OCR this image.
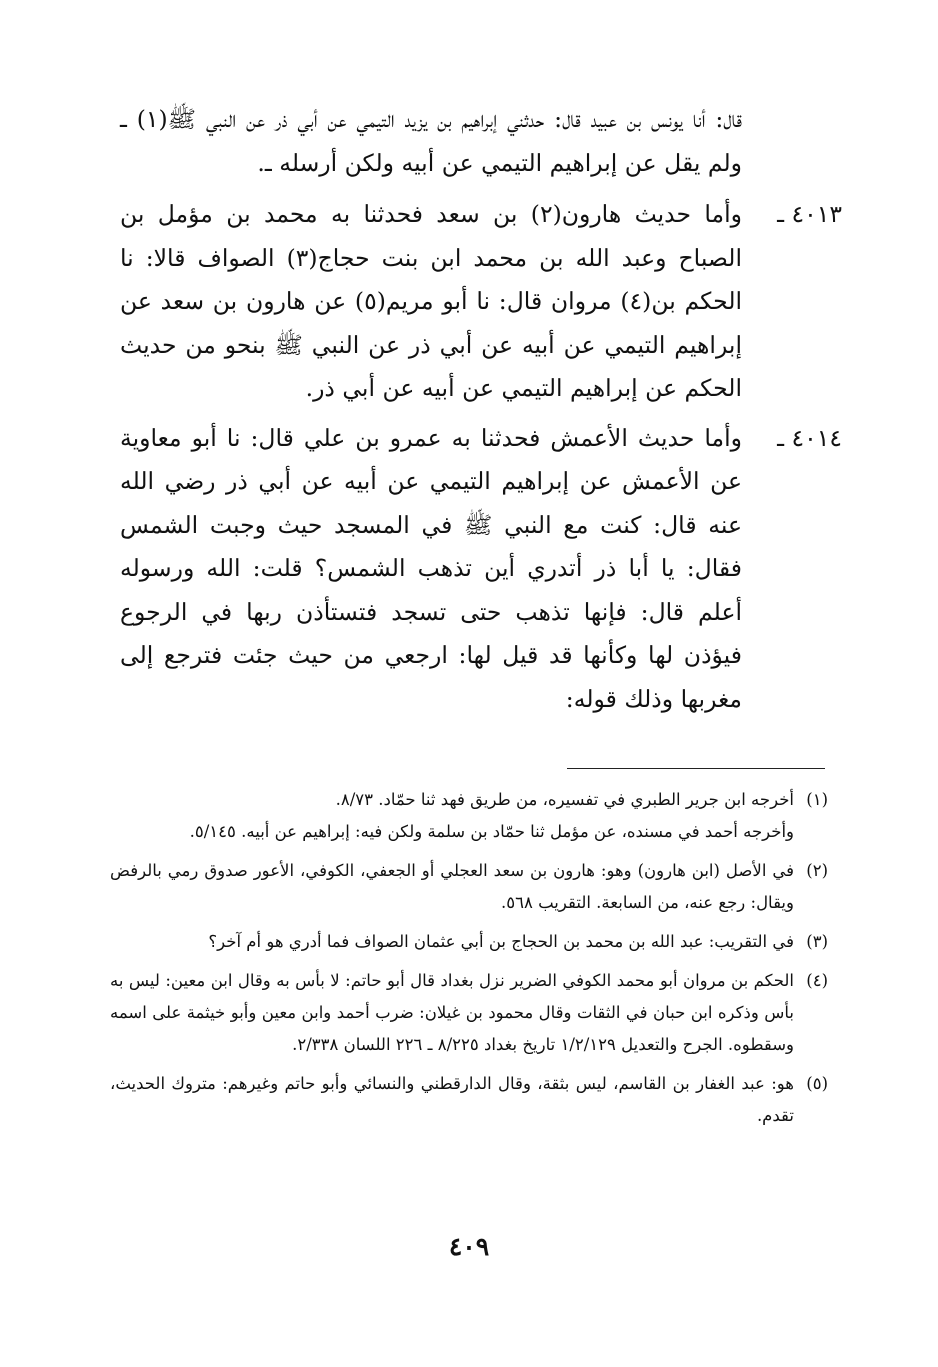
قال: أنا يونس بن عبيد قال: حدثني إبراهيم بن يزيد التيمي عن أبي ذر عن النبي ﷺ(١) ـ ولم يقل عن إبراهيم التيمي عن أبيه ولكن أرسله ـ.

٤٠١٣ ـ

وأما حديث هارون(٢) بن سعد فحدثنا به محمد بن مؤمل بن الصباح وعبد الله بن محمد ابن بنت حجاج(٣) الصواف قالا: نا الحكم بن(٤) مروان قال: نا أبو مريم(٥) عن هارون بن سعد عن إبراهيم التيمي عن أبيه عن أبي ذر عن النبي ﷺ بنحو من حديث الحكم عن إبراهيم التيمي عن أبيه عن أبي ذر.

٤٠١٤ ـ

وأما حديث الأعمش فحدثنا به عمرو بن علي قال: نا أبو معاوية عن الأعمش عن إبراهيم التيمي عن أبيه عن أبي ذر رضي الله عنه قال: كنت مع النبي ﷺ في المسجد حيث وجبت الشمس فقال: يا أبا ذر أتدري أين تذهب الشمس؟ قلت: الله ورسوله أعلم قال: فإنها تذهب حتى تسجد فتستأذن ربها في الرجوع فيؤذن لها وكأنها قد قيل لها: ارجعي من حيث جئت فترجع إلى مغربها وذلك قوله:

(١)
أخرجه ابن جرير الطبري في تفسيره، من طريق فهد ثنا حمّاد. ٨/٧٣.
وأخرجه أحمد في مسنده، عن مؤمل ثنا حمّاد بن سلمة ولكن فيه: إبراهيم عن أبيه. ٥/١٤٥.
(٢)
في الأصل (ابن هارون) وهو: هارون بن سعد العجلي أو الجعفي، الكوفي، الأعور صدوق رمي بالرفض ويقال: رجع عنه، من السابعة. التقريب ٥٦٨.
(٣)
في التقريب: عبد الله بن محمد بن الحجاج بن أبي عثمان الصواف فما أدري هو أم آخر؟
(٤)
الحكم بن مروان أبو محمد الكوفي الضرير نزل بغداد قال أبو حاتم: لا بأس به وقال ابن معين: ليس به بأس وذكره ابن حبان في الثقات وقال محمود بن غيلان: ضرب أحمد وابن معين وأبو خيثمة على اسمه وسقطوه. الجرح والتعديل ١/٢/١٢٩ تاريخ بغداد ٨/٢٢٥ ـ ٢٢٦ اللسان ٢/٣٣٨.
(٥)
هو: عبد الغفار بن القاسم، ليس بثقة، وقال الدارقطني والنسائي وأبو حاتم وغيرهم: متروك الحديث، تقدم.
٤٠٩
